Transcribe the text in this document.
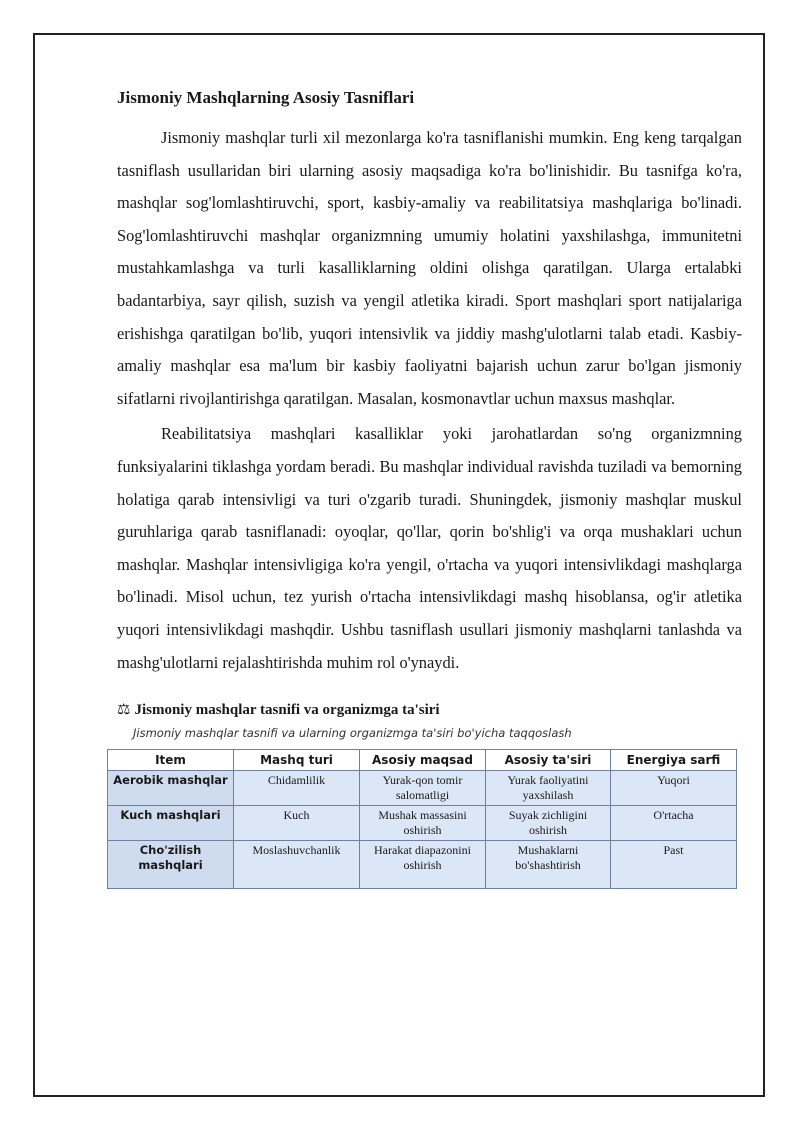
Jismoniy Mashqlarning Asosiy Tasniflari

Jismoniy mashqlar turli xil mezonlarga ko'ra tasniflanishi mumkin. Eng keng tarqalgan tasniflash usullaridan biri ularning asosiy maqsadiga ko'ra bo'linishidir. Bu tasnifga ko'ra, mashqlar sog'lomlashtiruvchi, sport, kasbiy-amaliy va reabilitatsiya mashqlariga bo'linadi. Sog'lomlashtiruvchi mashqlar organizmning umumiy holatini yaxshilashga, immunitetni mustahkamlashga va turli kasalliklarning oldini olishga qaratilgan. Ularga ertalabki badantarbiya, sayr qilish, suzish va yengil atletika kiradi. Sport mashqlari sport natijalariga erishishga qaratilgan bo'lib, yuqori intensivlik va jiddiy mashg'ulotlarni talab etadi. Kasbiy-amaliy mashqlar esa ma'lum bir kasbiy faoliyatni bajarish uchun zarur bo'lgan jismoniy sifatlarni rivojlantirishga qaratilgan. Masalan, kosmonavtlar uchun maxsus mashqlar.

Reabilitatsiya mashqlari kasalliklar yoki jarohatlardan so'ng organizmning funksiyalarini tiklashga yordam beradi. Bu mashqlar individual ravishda tuziladi va bemorning holatiga qarab intensivligi va turi o'zgarib turadi. Shuningdek, jismoniy mashqlar muskul guruhlariga qarab tasniflanadi: oyoqlar, qo'llar, qorin bo'shlig'i va orqa mushaklari uchun mashqlar. Mashqlar intensivligiga ko'ra yengil, o'rtacha va yuqori intensivlikdagi mashqlarga bo'linadi. Misol uchun, tez yurish o'rtacha intensivlikdagi mashq hisoblansa, og'ir atletika yuqori intensivlikdagi mashqdir. Ushbu tasniflash usullari jismoniy mashqlarni tanlashda va mashg'ulotlarni rejalashtirishda muhim rol o'ynaydi.

⚖ Jismoniy mashqlar tasnifi va organizmga ta'siri
Jismoniy mashqlar tasnifi va ularning organizmga ta'siri bo'yicha taqqoslash
Item	Mashq turi	Asosiy maqsad	Asosiy ta'siri	Energiya sarfi
Aerobik mashqlar	Chidamlilik	Yurak-qon tomir salomatligi	Yurak faoliyatini yaxshilash	Yuqori
Kuch mashqlari	Kuch	Mushak massasini oshirish	Suyak zichligini oshirish	O'rtacha
Cho'zilish mashqlari	Moslashuvchanlik	Harakat diapazonini oshirish	Mushaklarni bo'shashtirish	Past
